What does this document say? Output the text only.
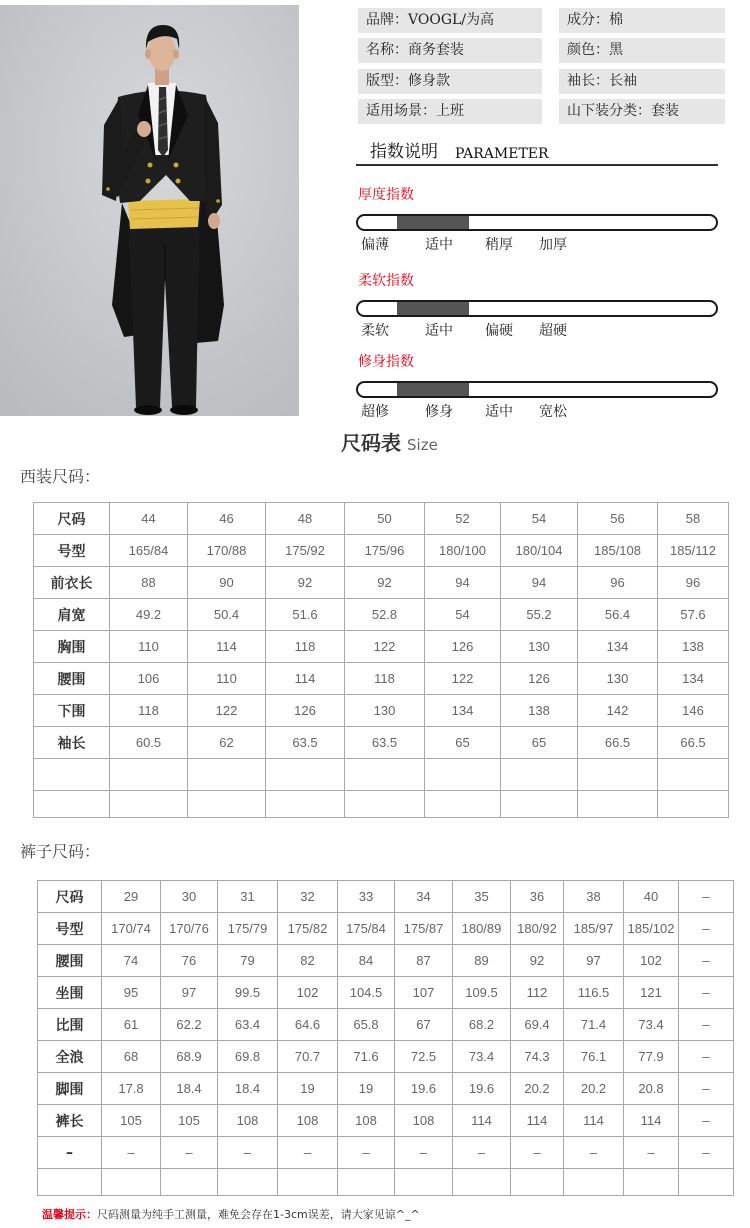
品牌：VOOGL/为高	成分：棉
名称：商务套装	颜色：黑
版型：修身款	袖长：长袖
适用场景：上班	山下装分类：套装
指数说明 PARAMETER
厚度指数
偏薄	适中 稍厚 加厚
柔软指数
柔软	适中 偏硬 超硬
修身指数
超修	修身 适中 宽松
尺码表 Size
西装尺码：
尺码	44	46	48	50	52	54	56	58
号型	165/84	170/88	175/92	175/96	180/100	180/104	185/108	185/112
前衣长	88	90	92	92	94	94	96	96
肩宽	49.2	50.4	51.6	52.8	54	55.2	56.4	57.6
胸围	110	114	118	122	126	130	134	138
腰围	106	110	114	118	122	126	130	134
下围	118	122	126	130	134	138	142	146
袖长	60.5	62	63.5	63.5	65	65	66.5	66.5

裤子尺码：
尺码	29	30	31	32	33	34	35	36	38	40	–
号型	170/74	170/76	175/79	175/82	175/84	175/87	180/89	180/92	185/97	185/102	–
腰围	74	76	79	82	84	87	89	92	97	102	–
坐围	95	97	99.5	102	104.5	107	109.5	112	116.5	121	–
比围	61	62.2	63.4	64.6	65.8	67	68.2	69.4	71.4	73.4	–
全浪	68	68.9	69.8	70.7	71.6	72.5	73.4	74.3	76.1	77.9	–
脚围	17.8	18.4	18.4	19	19	19.6	19.6	20.2	20.2	20.8	–
裤长	105	105	108	108	108	108	114	114	114	114	–
–	–	–	–	–	–	–	–	–	–	–	–

温馨提示：尺码测量为纯手工测量，难免会存在1-3cm误差，请大家见谅^_^
